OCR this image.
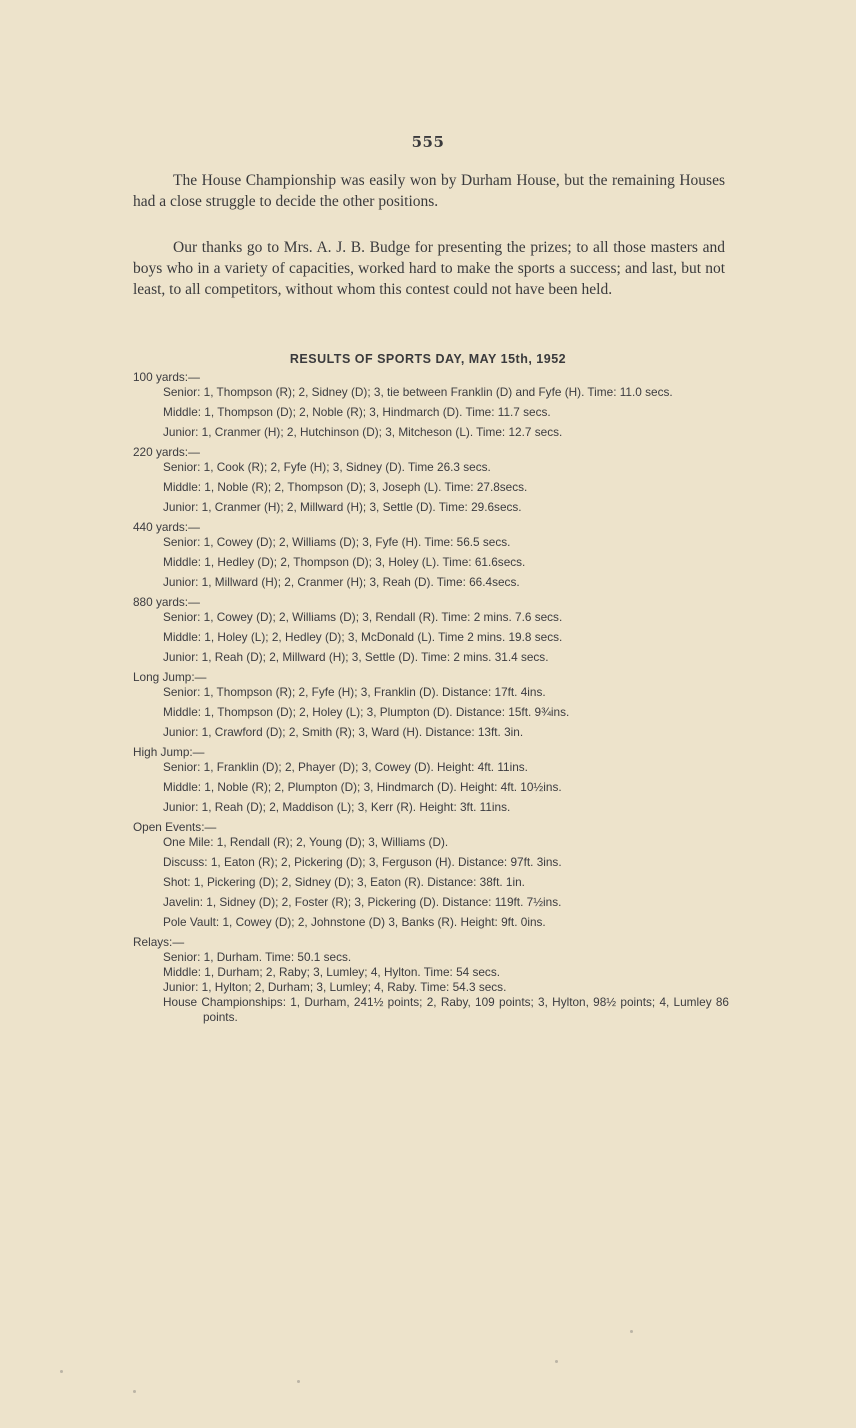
555

The House Championship was easily won by Durham House, but the remaining Houses had a close struggle to decide the other positions.

Our thanks go to Mrs. A. J. B. Budge for presenting the prizes; to all those masters and boys who in a variety of capacities, worked hard to make the sports a success; and last, but not least, to all competitors, without whom this contest could not have been held.

RESULTS OF SPORTS DAY, MAY 15th, 1952
100 yards:—
Senior: 1, Thompson (R); 2, Sidney (D); 3, tie between Franklin (D) and Fyfe (H). Time: 11.0 secs.
Middle: 1, Thompson (D); 2, Noble (R); 3, Hindmarch (D). Time: 11.7 secs.
Junior: 1, Cranmer (H); 2, Hutchinson (D); 3, Mitcheson (L). Time: 12.7 secs.
220 yards:—
Senior: 1, Cook (R); 2, Fyfe (H); 3, Sidney (D). Time 26.3 secs.
Middle: 1, Noble (R); 2, Thompson (D); 3, Joseph (L). Time: 27.8secs.
Junior: 1, Cranmer (H); 2, Millward (H); 3, Settle (D). Time: 29.6secs.
440 yards:—
Senior: 1, Cowey (D); 2, Williams (D); 3, Fyfe (H). Time: 56.5 secs.
Middle: 1, Hedley (D); 2, Thompson (D); 3, Holey (L). Time: 61.6secs.
Junior: 1, Millward (H); 2, Cranmer (H); 3, Reah (D). Time: 66.4secs.
880 yards:—
Senior: 1, Cowey (D); 2, Williams (D); 3, Rendall (R). Time: 2 mins. 7.6 secs.
Middle: 1, Holey (L); 2, Hedley (D); 3, McDonald (L). Time 2 mins. 19.8 secs.
Junior: 1, Reah (D); 2, Millward (H); 3, Settle (D). Time: 2 mins. 31.4 secs.
Long Jump:—
Senior: 1, Thompson (R); 2, Fyfe (H); 3, Franklin (D). Distance: 17ft. 4ins.
Middle: 1, Thompson (D); 2, Holey (L); 3, Plumpton (D). Distance: 15ft. 9¾ins.
Junior: 1, Crawford (D); 2, Smith (R); 3, Ward (H). Distance: 13ft. 3in.
High Jump:—
Senior: 1, Franklin (D); 2, Phayer (D); 3, Cowey (D). Height: 4ft. 11ins.
Middle: 1, Noble (R); 2, Plumpton (D); 3, Hindmarch (D). Height: 4ft. 10½ins.
Junior: 1, Reah (D); 2, Maddison (L); 3, Kerr (R). Height: 3ft. 11ins.
Open Events:—
One Mile: 1, Rendall (R); 2, Young (D); 3, Williams (D).
Discuss: 1, Eaton (R); 2, Pickering (D); 3, Ferguson (H). Distance: 97ft. 3ins.
Shot: 1, Pickering (D); 2, Sidney (D); 3, Eaton (R). Distance: 38ft. 1in.
Javelin: 1, Sidney (D); 2, Foster (R); 3, Pickering (D). Distance: 119ft. 7½ins.
Pole Vault: 1, Cowey (D); 2, Johnstone (D) 3, Banks (R). Height: 9ft. 0ins.
Relays:—
Senior: 1, Durham. Time: 50.1 secs.
Middle: 1, Durham; 2, Raby; 3, Lumley; 4, Hylton. Time: 54 secs.
Junior: 1, Hylton; 2, Durham; 3, Lumley; 4, Raby. Time: 54.3 secs.
House Championships: 1, Durham, 241½ points; 2, Raby, 109 points; 3, Hylton, 98½ points; 4, Lumley 86 points.
